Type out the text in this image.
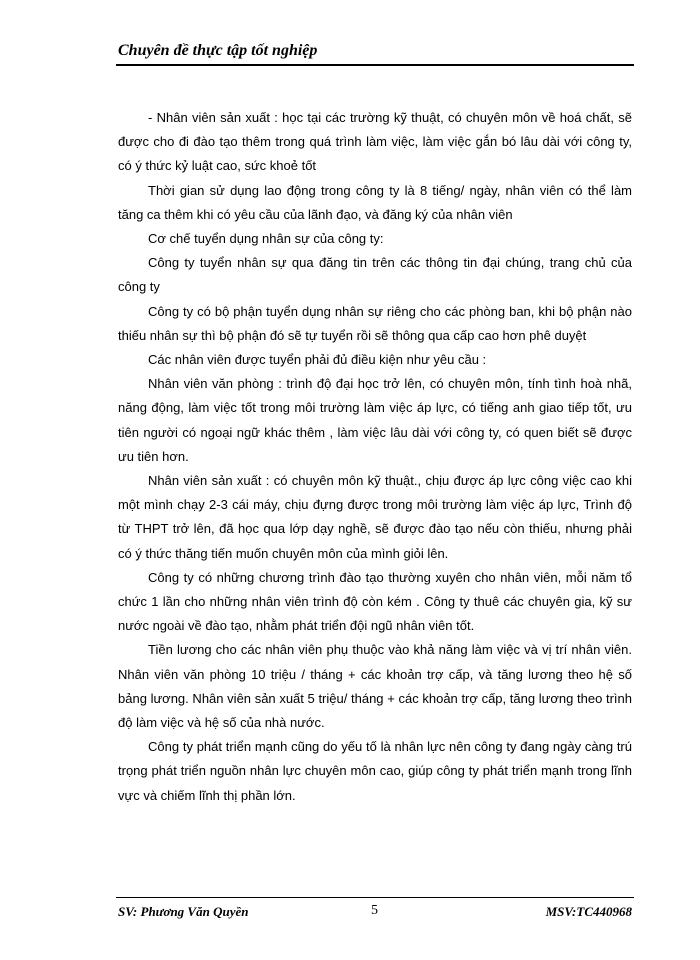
Chuyên đề thực tập tốt nghiệp

- Nhân viên sản xuất : học tại các trường kỹ thuật, có chuyên môn về hoá chất, sẽ được cho đi đào tạo thêm trong quá trình làm việc, làm việc gắn bó lâu dài với công ty, có ý thức kỷ luật cao, sức khoẻ tốt

Thời gian sử dụng lao động trong công ty là 8 tiếng/ ngày, nhân viên có thể làm tăng ca thêm khi có yêu cầu của lãnh đạo, và đăng ký của nhân viên

Cơ chế tuyển dụng nhân sự của công ty:

Công ty tuyển nhân sự qua đăng tin trên các thông tin đại chúng, trang chủ của công ty

Công ty có bộ phận tuyển dụng nhân sự riêng cho các phòng ban, khi bộ phận nào thiếu nhân sự thì bộ phận đó sẽ tự tuyển rồi sẽ thông qua cấp cao hơn phê duyệt

Các nhân viên được tuyển phải đủ điều kiện như yêu cầu :

Nhân viên văn phòng : trình độ đại học trở lên, có chuyên môn, tính tình hoà nhã, năng động, làm việc tốt trong môi trường làm việc áp lực, có tiếng anh giao tiếp tốt, ưu tiên người có ngoại ngữ khác thêm , làm việc lâu dài với công ty, có quen biết sẽ được ưu tiên hơn.

Nhân viên sản xuất : có chuyên môn kỹ thuật., chịu được áp lực công việc cao khi một mình chạy 2-3 cái máy, chịu đựng được trong môi trường làm việc áp lực, Trình độ từ THPT trở lên, đã học qua lớp dạy nghề, sẽ được đào tạo nếu còn thiếu, nhưng phải có ý thức thăng tiến muốn chuyên môn của mình giỏi lên.

Công ty có những chương trình đào tạo thường xuyên cho nhân viên, mỗi năm tổ chức 1 lần cho những nhân viên trình độ còn kém . Công ty thuê các chuyên gia, kỹ sư nước ngoài về đào tạo, nhằm phát triển đội ngũ nhân viên tốt.

Tiền lương cho các nhân viên phụ thuộc vào khả năng làm việc và vị trí nhân viên. Nhân viên văn phòng 10 triệu / tháng + các khoản trợ cấp, và tăng lương theo hệ số bảng lương. Nhân viên sản xuất 5 triệu/ tháng + các khoản trợ cấp, tăng lương theo trình độ làm việc và hệ số của nhà nước.

Công ty phát triển mạnh cũng do yếu tố là nhân lực nên công ty đang ngày càng trú trọng phát triển nguồn nhân lực chuyên môn cao, giúp công ty phát triển mạnh trong lĩnh vực và chiếm lĩnh thị phần lớn.

SV: Phương Văn Quyền	5	MSV:TC440968
